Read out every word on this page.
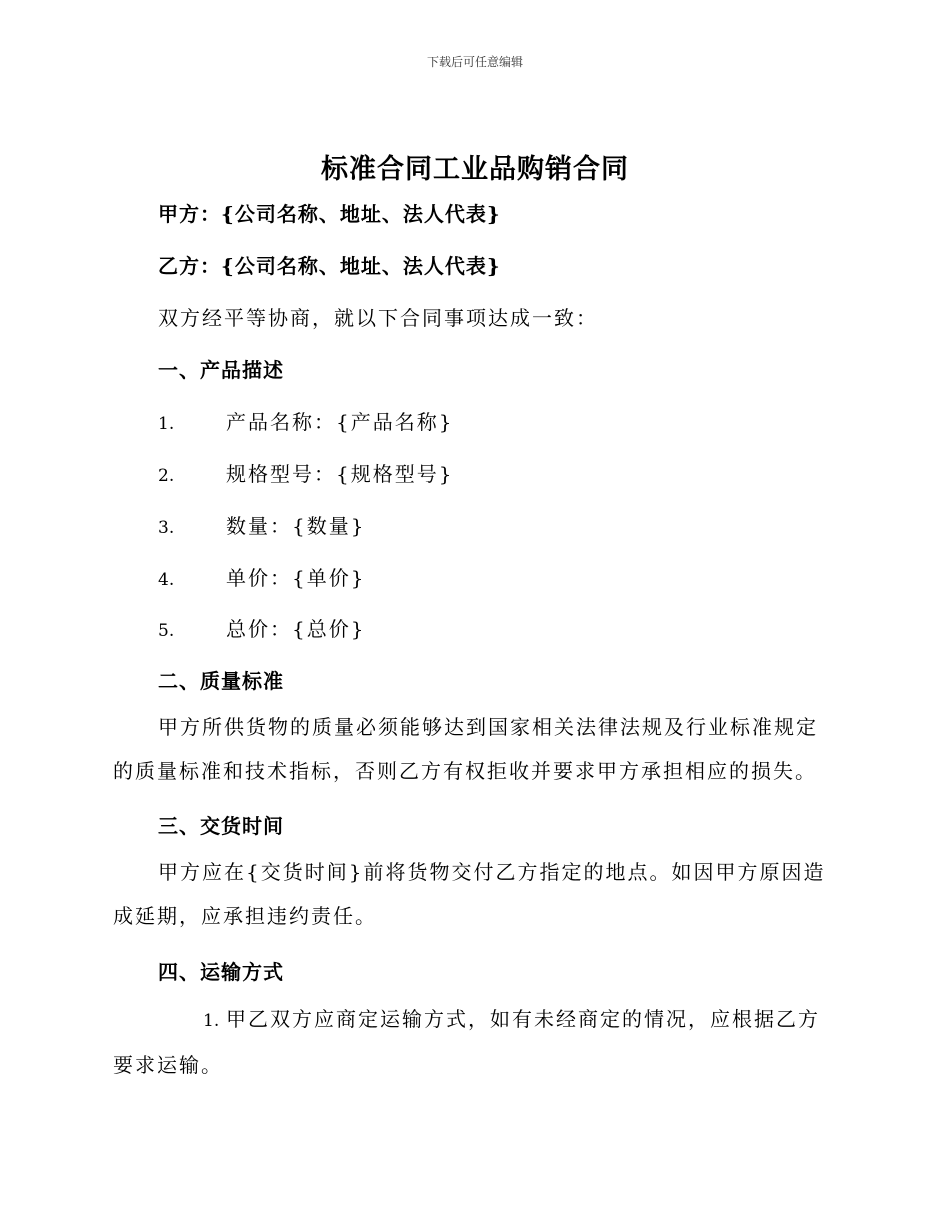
下载后可任意编辑
标准合同工业品购销合同
甲方：{公司名称、地址、法人代表}
乙方：{公司名称、地址、法人代表}
双方经平等协商，就以下合同事项达成一致：
一、产品描述
1.	产品名称：{产品名称}
2.	规格型号：{规格型号}
3.	数量：{数量}
4.	单价：{单价}
5.	总价：{总价}
二、质量标准

甲方所供货物的质量必须能够达到国家相关法律法规及行业标准规定的质量标准和技术指标，否则乙方有权拒收并要求甲方承担相应的损失。

三、交货时间

甲方应在{交货时间}前将货物交付乙方指定的地点。如因甲方原因造成延期，应承担违约责任。

四、运输方式

1. 甲乙双方应商定运输方式，如有未经商定的情况，应根据乙方要求运输。
